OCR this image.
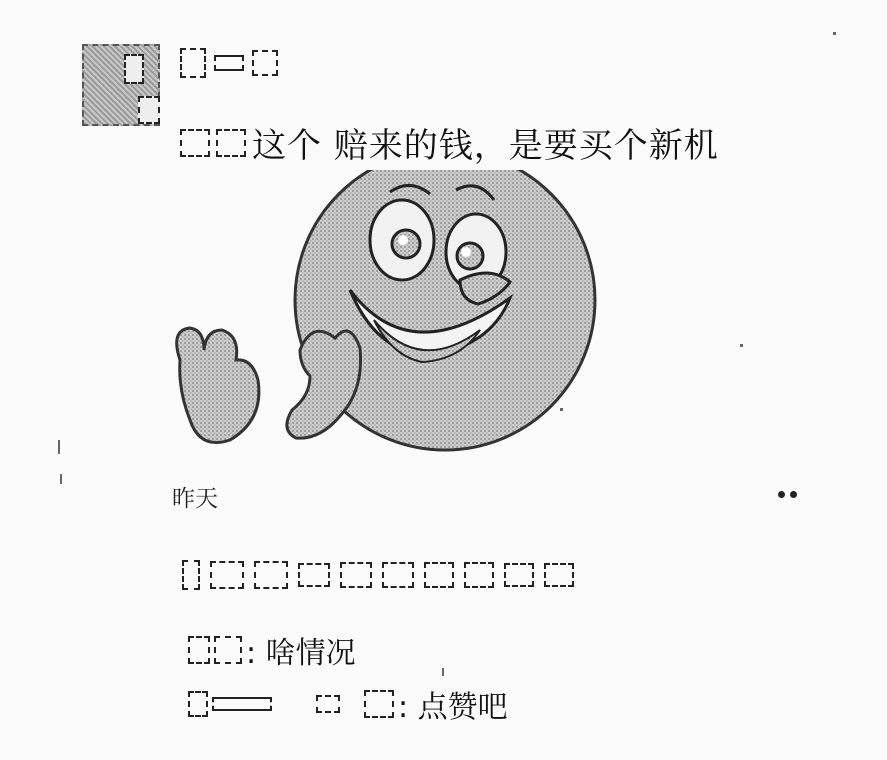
这个 赔来的钱，是要买个新机
昨天
: 啥情况
: 点赞吧
